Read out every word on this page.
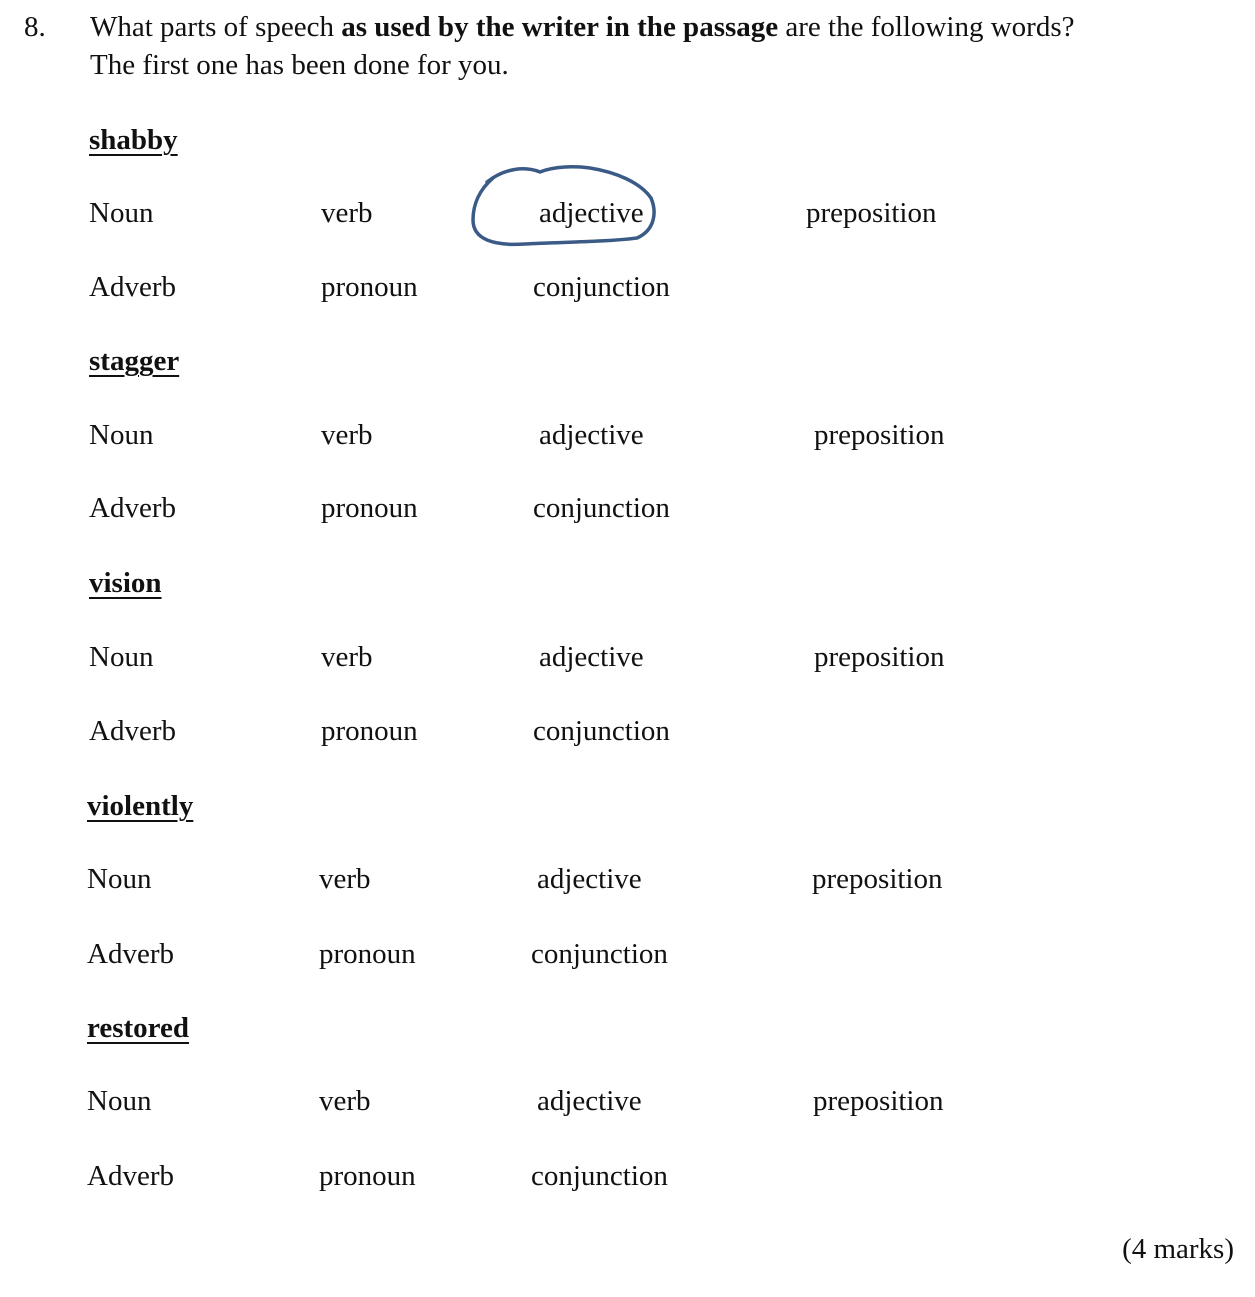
8. What parts of speech as used by the writer in the passage are the following words?
The first one has been done for you.
shabby
Noun	verb	adjective	preposition
Adverb	pronoun	conjunction
stagger
Noun	verb	adjective	preposition
Adverb	pronoun	conjunction
vision
Noun	verb	adjective	preposition
Adverb	pronoun	conjunction
violently
Noun	verb	adjective	preposition
Adverb	pronoun	conjunction
restored
Noun	verb	adjective	preposition
Adverb	pronoun	conjunction
(4 marks)
